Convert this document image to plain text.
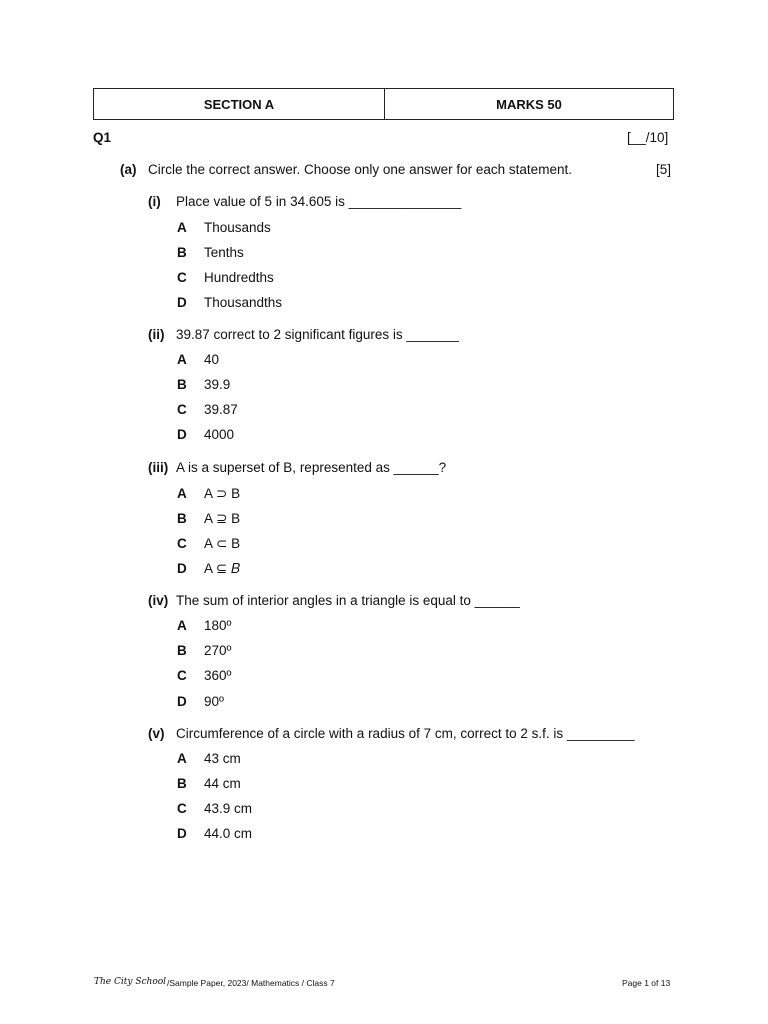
SECTION A	MARKS 50
Q1	[__/10]
(a) Circle the correct answer. Choose only one answer for each statement.	[5]
(i) Place value of 5 in 34.605 is _______________
A Thousands
B Tenths
C Hundredths
D Thousandths
(ii) 39.87 correct to 2 significant figures is _______
A 40
B 39.9
C 39.87
D 4000
(iii) A is a superset of B, represented as ______?
A A ⊃ B
B A ⊇ B
C A ⊂ B
D A ⊆ 𝐵
(iv) The sum of interior angles in a triangle is equal to ______
A 180º
B 270º
C 360º
D 90º
(v) Circumference of a circle with a radius of 7 cm, correct to 2 s.f. is _________
A 43 cm
B 44 cm
C 43.9 cm
D 44.0 cm
The City School /Sample Paper, 2023/ Mathematics / Class 7	Page 1 of 13
